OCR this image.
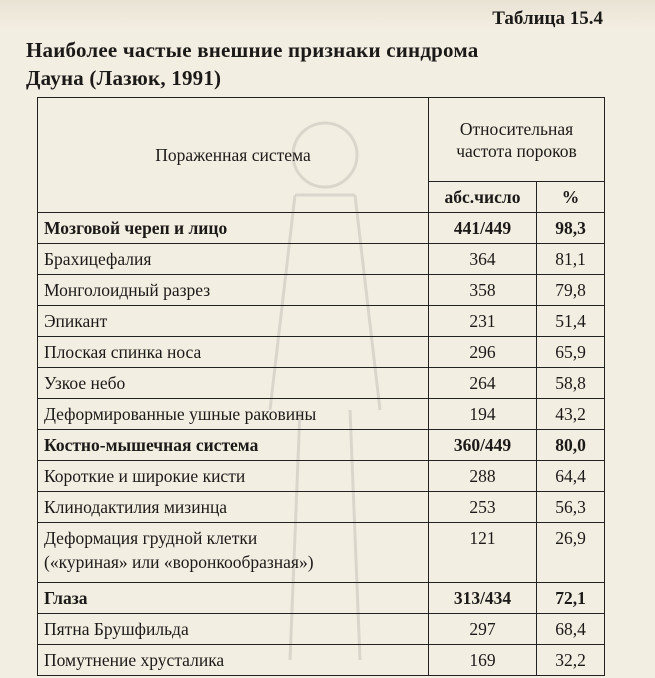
Таблица 15.4
Наиболее частые внешние признаки синдрома
Дауна (Лазюк, 1991)
Пораженная система	Относительная
частота пороков	

	абс.число	%
Мозговой череп и лицо	441/449	98,3
Брахицефалия	364	81,1
Монголоидный разрез	358	79,8
Эпикант	231	51,4
Плоская спинка носа	296	65,9
Узкое небо	264	58,8
Деформированные ушные раковины	194	43,2
Костно-мышечная система	360/449	80,0
Короткие и широкие кисти	288	64,4
Клинодактилия мизинца	253	56,3

Деформация грудной клетки
(«куриная» или «воронкообразная»)	121	26,9
Глаза	313/434	72,1
Пятна Брушфильда	297	68,4
Помутнение хрусталика	169	32,2
